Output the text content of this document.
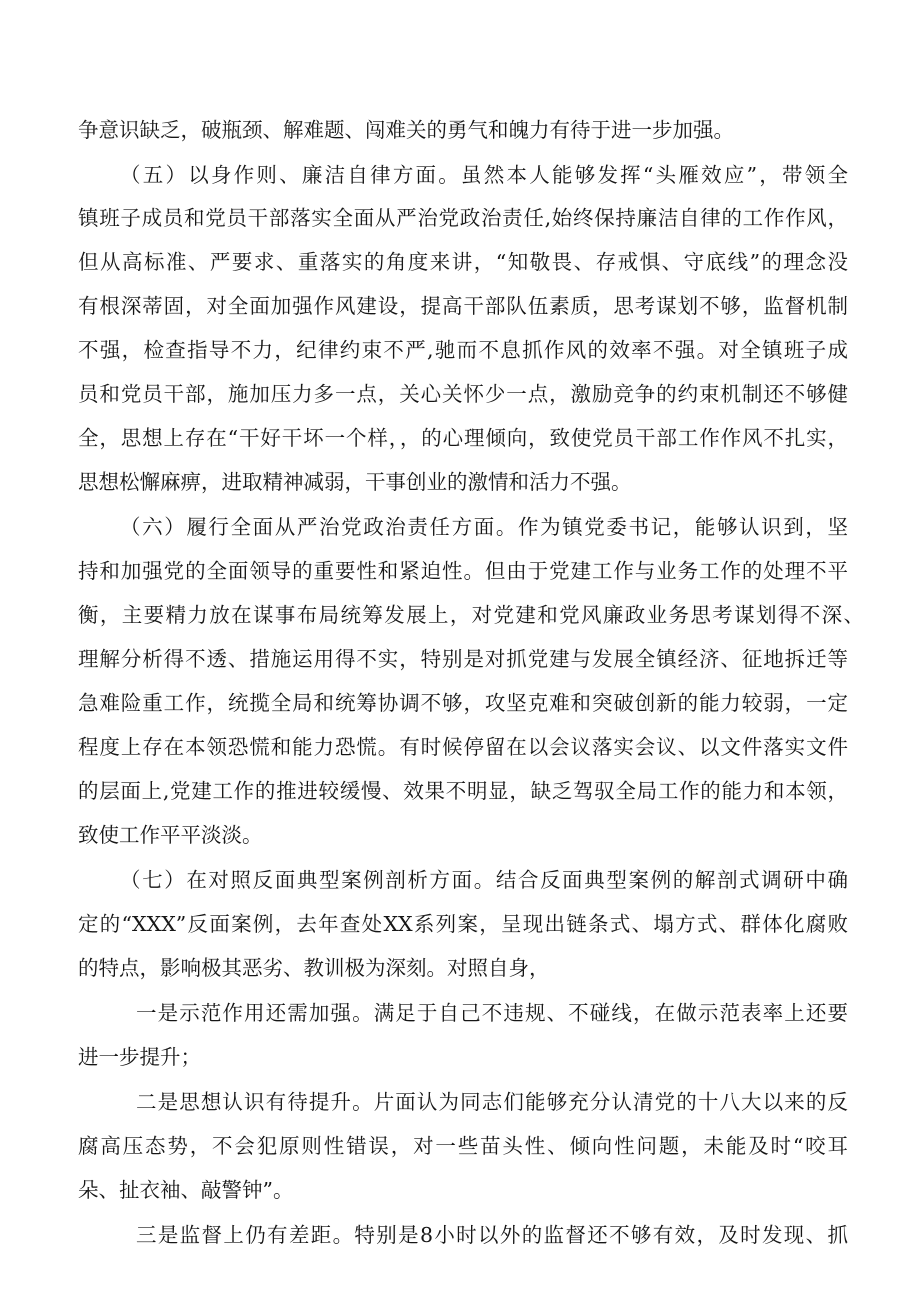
争意识缺乏，破瓶颈、解难题、闯难关的勇气和魄力有待于进一步加强。

（五）以身作则、廉洁自律方面。虽然本人能够发挥“头雁效应”，带领全

镇班子成员和党员干部落实全面从严治党政治责任,始终保持廉洁自律的工作作风，

但从高标准、严要求、重落实的角度来讲，“知敬畏、存戒惧、守底线”的理念没

有根深蒂固，对全面加强作风建设，提高干部队伍素质，思考谋划不够，监督机制

不强，检查指导不力，纪律约束不严,驰而不息抓作风的效率不强。对全镇班子成

员和党员干部，施加压力多一点，关心关怀少一点，激励竞争的约束机制还不够健

全，思想上存在“干好干坏一个样，，的心理倾向，致使党员干部工作作风不扎实，

思想松懈麻痹，进取精神减弱，干事创业的激情和活力不强。

（六）履行全面从严治党政治责任方面。作为镇党委书记，能够认识到，坚

持和加强党的全面领导的重要性和紧迫性。但由于党建工作与业务工作的处理不平

衡，主要精力放在谋事布局统筹发展上，对党建和党风廉政业务思考谋划得不深、

理解分析得不透、措施运用得不实，特别是对抓党建与发展全镇经济、征地拆迁等

急难险重工作，统揽全局和统筹协调不够，攻坚克难和突破创新的能力较弱，一定

程度上存在本领恐慌和能力恐慌。有时候停留在以会议落实会议、以文件落实文件

的层面上,党建工作的推进较缓慢、效果不明显，缺乏驾驭全局工作的能力和本领，

致使工作平平淡淡。

（七）在对照反面典型案例剖析方面。结合反面典型案例的解剖式调研中确

定的“XXX”反面案例，去年查处XX系列案，呈现出链条式、塌方式、群体化腐败

的特点，影响极其恶劣、教训极为深刻。对照自身，

一是示范作用还需加强。满足于自己不违规、不碰线，在做示范表率上还要

进一步提升；

二是思想认识有待提升。片面认为同志们能够充分认清党的十八大以来的反

腐高压态势，不会犯原则性错误，对一些苗头性、倾向性问题，未能及时“咬耳

朵、扯衣袖、敲警钟”。

三是监督上仍有差距。特别是8小时以外的监督还不够有效，及时发现、抓
